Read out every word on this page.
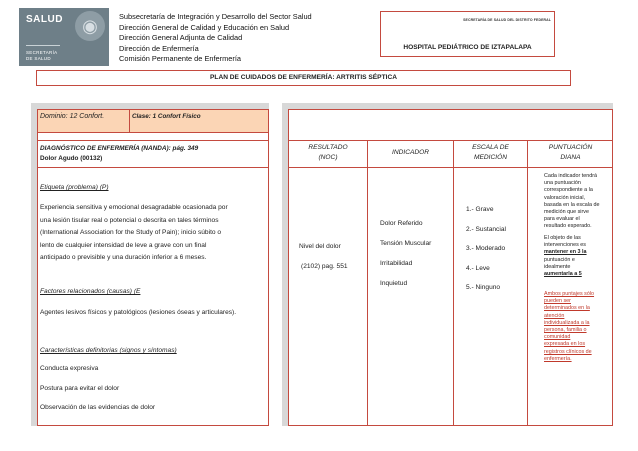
SALUD	◉
SECRETARÍA
DE SALUD
Subsecretaría de Integración y Desarrollo del Sector Salud
Dirección General de Calidad y Educación en Salud
Dirección General Adjunta de Calidad
Dirección de Enfermería
Comisión Permanente de Enfermería
SECRETARÍA DE SALUD DEL DISTRITO FEDERAL
HOSPITAL PEDIÁTRICO DE IZTAPALAPA
PLAN DE CUIDADOS DE ENFERMERÍA: ARTRITIS SÉPTICA
Dominio: 12 Confort.	Clase: 1 Confort Físico
DIAGNÓSTICO DE ENFERMERÍA (NANDA): pág. 349
Dolor Agudo (00132)
Etiqueta (problema) (P)
Experiencia sensitiva y emocional desagradable ocasionada por
una lesión tisular real o potencial o descrita en tales términos
(International Association for the Study of Pain); inicio súbito o
lento de cualquier intensidad de leve a grave con un final
anticipado o previsible y una duración inferior a 6 meses.
Factores relacionados (causas) (E
Agentes lesivos físicos y patológicos (lesiones óseas y articulares).
Características definitorias (signos y síntomas)
Conducta expresiva
Postura para evitar el dolor
Observación de las evidencias de dolor
RESULTADO
(NOC)
INDICADOR
ESCALA DE
MEDICIÓN
PUNTUACIÓN
DIANA
Nivel del dolor
(2102) pag. 551
Dolor Referido
Tensión Muscular
Irritabilidad
Inquietud
1.- Grave
2.- Sustancial
3.- Moderado
4.- Leve
5.- Ninguno
Cada indicador tendrá
una puntuación
correspondiente a la
valoración inicial,
basada en la escala de
medición que sirve
para evaluar el
resultado esperado.
El objeto de las
intervenciones es
mantener en 3 la
puntuación e
idealmente
aumentarla a 5
Ambos puntajes sólo
pueden ser
determinados en la
atención
individualizada a la
persona, familia o
comunidad
expresada en los
registros clínicos de
enfermería.
